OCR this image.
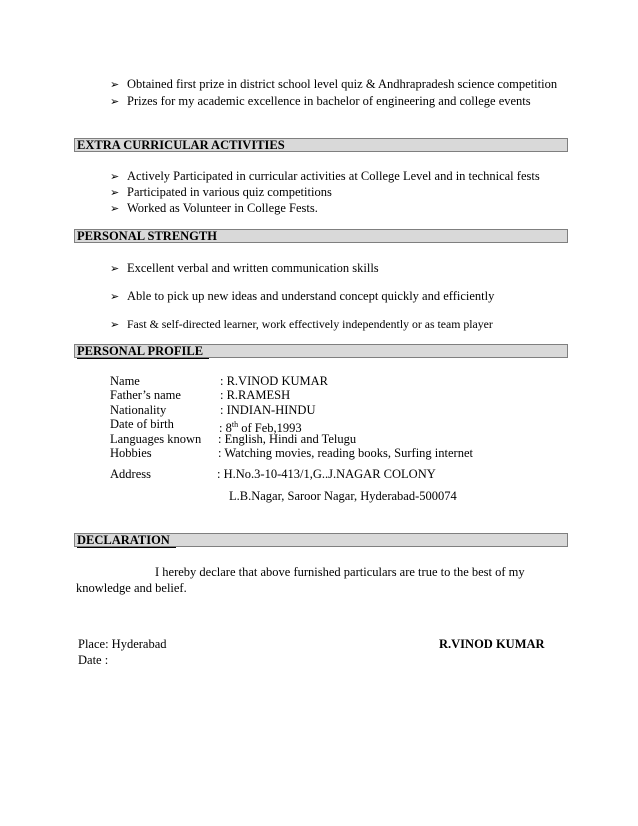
➢ Obtained first prize in district school level quiz & Andhrapradesh science competition
➢ Prizes for my academic excellence in bachelor of engineering and college events
EXTRA CURRICULAR ACTIVITIES
➢ Actively Participated in curricular activities at College Level and in technical fests
➢ Participated in various quiz competitions
➢ Worked as Volunteer in College Fests.
PERSONAL STRENGTH
➢ Excellent verbal and written communication skills
➢ Able to pick up new ideas and understand concept quickly and efficiently
➢ Fast & self-directed learner, work effectively independently or as team player
PERSONAL PROFILE
Name	: R.VINOD KUMAR
Father’s name	: R.RAMESH
Nationality	: INDIAN-HINDU
Date of birth	: 8th of Feb,1993
Languages known : English, Hindi and Telugu
Hobbies	: Watching movies, reading books, Surfing internet
Address	: H.No.3-10-413/1,G..J.NAGAR COLONY
L.B.Nagar, Saroor Nagar, Hyderabad-500074
DECLARATION
I hereby declare that above furnished particulars are true to the best of my
knowledge and belief.
Place: Hyderabad
Date :
R.VINOD KUMAR
